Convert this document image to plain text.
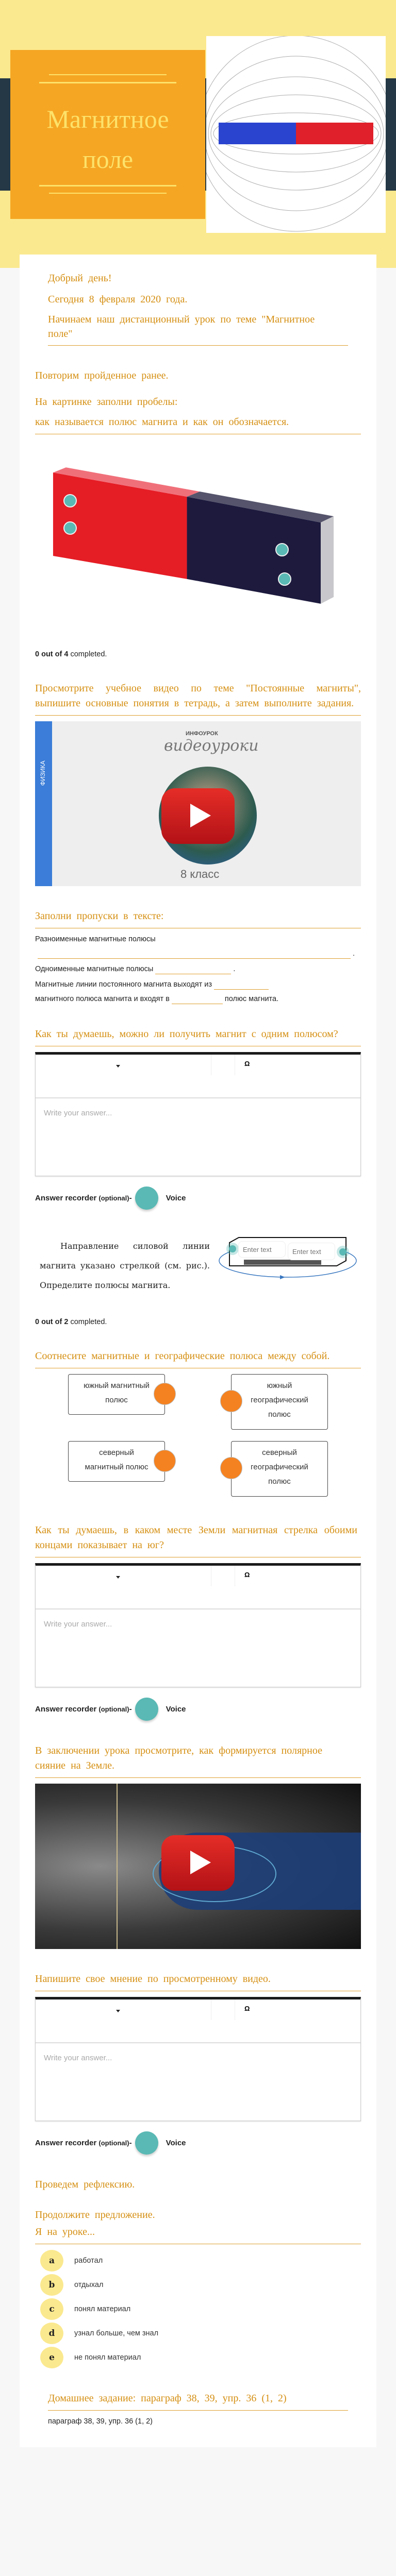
Магнитное
поле
Добрый день!
Сегодня 8 февраля 2020 года.
Начинаем наш дистанционный урок по теме "Магнитное поле"
Повторим пройденное ранее.
На картинке заполни пробелы:
как называется полюс магнита и как он обозначается.
0 out of 4 completed.
Просмотрите учебное видео по теме "Постоянные магниты", выпишите основные понятия в тетрадь, а затем выполните задания.
ФИЗИКА
ИНФОУРОК
видеоуроки
8 класс
Заполни пропуски в тексте:
Разноименные магнитные полюсы
.
Одноименные магнитные полюсы	.
Магнитные линии постоянного магнита выходят из
магнитного полюса магнита и входят в	полюс магнита.
Как ты думаешь, можно ли получить магнит с одним полюсом?
Ω
Write your answer...
Answer recorder
(optional) -	Voice
Направление силовой линии магнита указано стрелкой (см. рис.). Определите полюсы магнита.
Enter text
Enter text
0 out of 2 completed.
Соотнесите магнитные и географические полюса между собой.
южный магнитный полюс
южный географический полюс
северный магнитный полюс
северный географический полюс
Как ты думаешь, в каком месте Земли магнитная стрелка обоими концами показывает на юг?
Ω
Write your answer...
Answer recorder
(optional) -	Voice
В заключении урока просмотрите, как формируется полярное сияние на Земле.
Напишите свое мнение по просмотренному видео.
Ω
Write your answer...
Answer recorder
(optional) -	Voice
Проведем рефлексию.
Продолжите предложение.
Я на уроке...
a	работал
b	отдыхал
c	понял материал
d	узнал больше, чем знал
e	не понял материал
Домашнее задание: параграф 38, 39, упр. 36 (1, 2)
параграф 38, 39, упр. 36 (1, 2)
